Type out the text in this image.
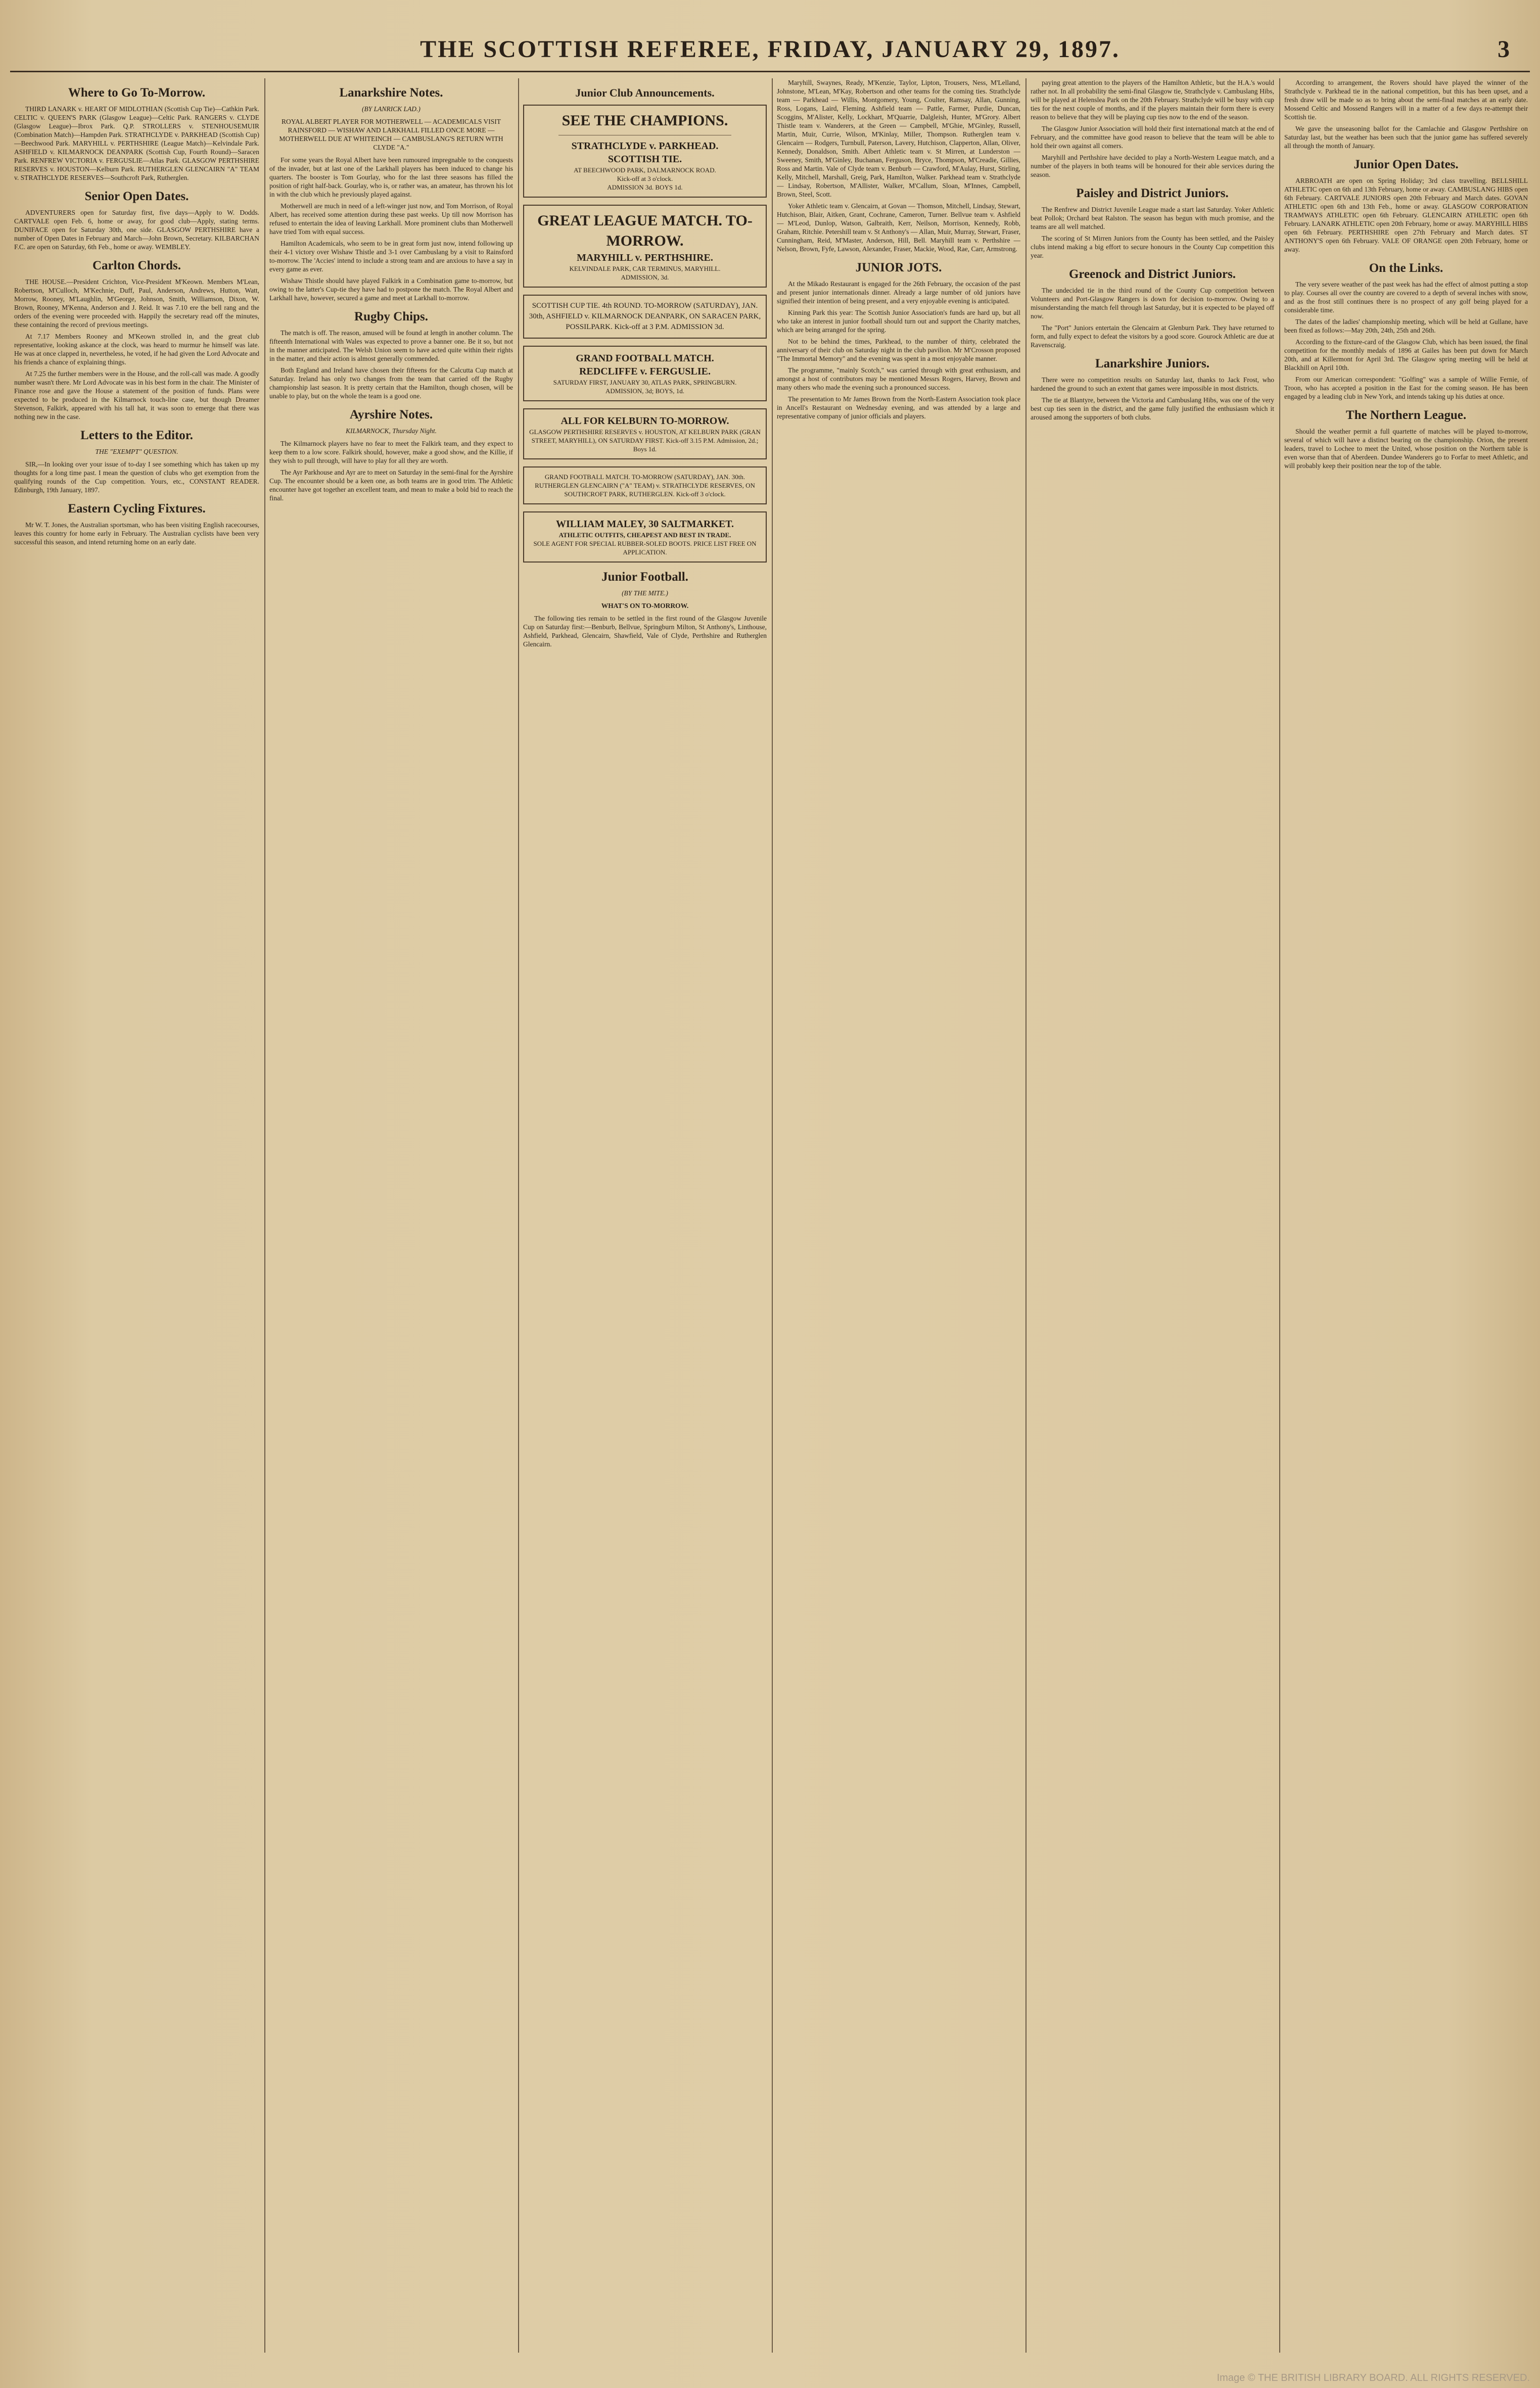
THE SCOTTISH REFEREE, FRIDAY, JANUARY 29, 1897.	3
Where to Go To-Morrow.

THIRD LANARK v. HEART OF MIDLOTHIAN (Scottish Cup Tie)—Cathkin Park. CELTIC v. QUEEN'S PARK (Glasgow League)—Celtic Park. RANGERS v. CLYDE (Glasgow League)—Ibrox Park. Q.P. STROLLERS v. STENHOUSEMUIR (Combination Match)—Hampden Park. STRATHCLYDE v. PARKHEAD (Scottish Cup)—Beechwood Park. MARYHILL v. PERTHSHIRE (League Match)—Kelvindale Park. ASHFIELD v. KILMARNOCK DEANPARK (Scottish Cup, Fourth Round)—Saracen Park. RENFREW VICTORIA v. FERGUSLIE—Atlas Park. GLASGOW PERTHSHIRE RESERVES v. HOUSTON—Kelburn Park. RUTHERGLEN GLENCAIRN "A" TEAM v. STRATHCLYDE RESERVES—Southcroft Park, Rutherglen.

Senior Open Dates.

ADVENTURERS open for Saturday first, five days—Apply to W. Dodds. CARTVALE open Feb. 6, home or away, for good club—Apply, stating terms. DUNIFACE open for Saturday 30th, one side. GLASGOW PERTHSHIRE have a number of Open Dates in February and March—John Brown, Secretary. KILBARCHAN F.C. are open on Saturday, 6th Feb., home or away. WEMBLEY.

Carlton Chords.

THE HOUSE.—President Crichton, Vice-President M'Keown. Members M'Lean, Robertson, M'Culloch, M'Kechnie, Duff, Paul, Anderson, Andrews, Hutton, Watt, Morrow, Rooney, M'Laughlin, M'George, Johnson, Smith, Williamson, Dixon, W. Brown, Rooney, M'Kenna, Anderson and J. Reid. It was 7.10 ere the bell rang and the orders of the evening were proceeded with. Happily the secretary read off the minutes, these containing the record of previous meetings.

At 7.17 Members Rooney and M'Keown strolled in, and the great club representative, looking askance at the clock, was heard to murmur he himself was late. He was at once clapped in, nevertheless, he voted, if he had given the Lord Advocate and his friends a chance of explaining things.

At 7.25 the further members were in the House, and the roll-call was made. A goodly number wasn't there. Mr Lord Advocate was in his best form in the chair. The Minister of Finance rose and gave the House a statement of the position of funds. Plans were expected to be produced in the Kilmarnock touch-line case, but though Dreamer Stevenson, Falkirk, appeared with his tall hat, it was soon to emerge that there was nothing new in the case.

Letters to the Editor.
THE "EXEMPT" QUESTION.

SIR,—In looking over your issue of to-day I see something which has taken up my thoughts for a long time past. I mean the question of clubs who get exemption from the qualifying rounds of the Cup competition. Yours, etc., CONSTANT READER. Edinburgh, 19th January, 1897.

Eastern Cycling Fixtures.

Mr W. T. Jones, the Australian sportsman, who has been visiting English racecourses, leaves this country for home early in February. The Australian cyclists have been very successful this season, and intend returning home on an early date.

Lanarkshire Notes.
(BY LANRICK LAD.)
ROYAL ALBERT PLAYER FOR MOTHERWELL — ACADEMICALS VISIT RAINSFORD — WISHAW AND LARKHALL FILLED ONCE MORE — MOTHERWELL DUE AT WHITEINCH — CAMBUSLANG'S RETURN WITH CLYDE "A."

For some years the Royal Albert have been rumoured impregnable to the conquests of the invader, but at last one of the Larkhall players has been induced to change his quarters. The booster is Tom Gourlay, who for the last three seasons has filled the position of right half-back. Gourlay, who is, or rather was, an amateur, has thrown his lot in with the club which he previously played against.

Motherwell are much in need of a left-winger just now, and Tom Morrison, of Royal Albert, has received some attention during these past weeks. Up till now Morrison has refused to entertain the idea of leaving Larkhall. More prominent clubs than Motherwell have tried Tom with equal success.

Hamilton Academicals, who seem to be in great form just now, intend following up their 4-1 victory over Wishaw Thistle and 3-1 over Cambuslang by a visit to Rainsford to-morrow. The 'Accies' intend to include a strong team and are anxious to have a say in every game as ever.

Wishaw Thistle should have played Falkirk in a Combination game to-morrow, but owing to the latter's Cup-tie they have had to postpone the match. The Royal Albert and Larkhall have, however, secured a game and meet at Larkhall to-morrow.

Rugby Chips.

The match is off. The reason, amused will be found at length in another column. The fifteenth International with Wales was expected to prove a banner one. Be it so, but not in the manner anticipated. The Welsh Union seem to have acted quite within their rights in the matter, and their action is almost generally commended.

Both England and Ireland have chosen their fifteens for the Calcutta Cup match at Saturday. Ireland has only two changes from the team that carried off the Rugby championship last season. It is pretty certain that the Hamilton, though chosen, will be unable to play, but on the whole the team is a good one.

Ayrshire Notes.
KILMARNOCK, Thursday Night.

The Kilmarnock players have no fear to meet the Falkirk team, and they expect to keep them to a low score. Falkirk should, however, make a good show, and the Killie, if they wish to pull through, will have to play for all they are worth.

The Ayr Parkhouse and Ayr are to meet on Saturday in the semi-final for the Ayrshire Cup. The encounter should be a keen one, as both teams are in good trim. The Athletic encounter have got together an excellent team, and mean to make a bold bid to reach the final.

Junior Club Announcements.
SEE THE CHAMPIONS.
STRATHCLYDE v. PARKHEAD.
SCOTTISH TIE.
AT BEECHWOOD PARK, DALMARNOCK ROAD.
Kick-off at 3 o'clock.
ADMISSION 3d. BOYS 1d.
GREAT LEAGUE MATCH. TO-MORROW.
MARYHILL v. PERTHSHIRE.
KELVINDALE PARK, CAR TERMINUS, MARYHILL.
ADMISSION, 3d.
SCOTTISH CUP TIE. 4th ROUND. TO-MORROW (SATURDAY), JAN. 30th, ASHFIELD v. KILMARNOCK DEANPARK, ON SARACEN PARK, POSSILPARK. Kick-off at 3 P.M. ADMISSION 3d.
GRAND FOOTBALL MATCH.
REDCLIFFE v. FERGUSLIE.
SATURDAY FIRST, JANUARY 30, ATLAS PARK, SPRINGBURN.
ADMISSION, 3d; BOYS, 1d.
ALL FOR KELBURN TO-MORROW.
GLASGOW PERTHSHIRE RESERVES v. HOUSTON, AT KELBURN PARK (GRAN STREET, MARYHILL), ON SATURDAY FIRST. Kick-off 3.15 P.M. Admission, 2d.; Boys 1d.
GRAND FOOTBALL MATCH. TO-MORROW (SATURDAY), JAN. 30th. RUTHERGLEN GLENCAIRN ("A" TEAM) v. STRATHCLYDE RESERVES, ON SOUTHCROFT PARK, RUTHERGLEN. Kick-off 3 o'clock.
WILLIAM MALEY, 30 SALTMARKET.
ATHLETIC OUTFITS, CHEAPEST AND BEST IN TRADE.
SOLE AGENT FOR SPECIAL RUBBER-SOLED BOOTS. PRICE LIST FREE ON APPLICATION.
Junior Football.
(BY THE MITE.)
WHAT'S ON TO-MORROW.

The following ties remain to be settled in the first round of the Glasgow Juvenile Cup on Saturday first:—Benburb, Bellvue, Springburn Milton, St Anthony's, Linthouse, Ashfield, Parkhead, Glencairn, Shawfield, Vale of Clyde, Perthshire and Rutherglen Glencairn.

Maryhill, Swaynes, Ready, M'Kenzie, Taylor, Lipton, Trousers, Ness, M'Lelland, Johnstone, M'Lean, M'Kay, Robertson and other teams for the coming ties. Strathclyde team — Parkhead — Willis, Montgomery, Young, Coulter, Ramsay, Allan, Gunning, Ross, Logans, Laird, Fleming. Ashfield team — Pattle, Farmer, Purdie, Duncan, Scoggins, M'Alister, Kelly, Lockhart, M'Quarrie, Dalgleish, Hunter, M'Grory. Albert Thistle team v. Wanderers, at the Green — Campbell, M'Ghie, M'Ginley, Russell, Martin, Muir, Currie, Wilson, M'Kinlay, Miller, Thompson. Rutherglen team v. Glencairn — Rodgers, Turnbull, Paterson, Lavery, Hutchison, Clapperton, Allan, Oliver, Kennedy, Donaldson, Smith. Albert Athletic team v. St Mirren, at Lunderston — Sweeney, Smith, M'Ginley, Buchanan, Ferguson, Bryce, Thompson, M'Creadie, Gillies, Ross and Martin. Vale of Clyde team v. Benburb — Crawford, M'Aulay, Hurst, Stirling, Kelly, Mitchell, Marshall, Greig, Park, Hamilton, Walker. Parkhead team v. Strathclyde — Lindsay, Robertson, M'Allister, Walker, M'Callum, Sloan, M'Innes, Campbell, Brown, Steel, Scott.

Yoker Athletic team v. Glencairn, at Govan — Thomson, Mitchell, Lindsay, Stewart, Hutchison, Blair, Aitken, Grant, Cochrane, Cameron, Turner. Bellvue team v. Ashfield — M'Leod, Dunlop, Watson, Galbraith, Kerr, Neilson, Morrison, Kennedy, Robb, Graham, Ritchie. Petershill team v. St Anthony's — Allan, Muir, Murray, Stewart, Fraser, Cunningham, Reid, M'Master, Anderson, Hill, Bell. Maryhill team v. Perthshire — Nelson, Brown, Fyfe, Lawson, Alexander, Fraser, Mackie, Wood, Rae, Carr, Armstrong.

JUNIOR JOTS.

At the Mikado Restaurant is engaged for the 26th February, the occasion of the past and present junior internationals dinner. Already a large number of old juniors have signified their intention of being present, and a very enjoyable evening is anticipated.

Kinning Park this year: The Scottish Junior Association's funds are hard up, but all who take an interest in junior football should turn out and support the Charity matches, which are being arranged for the spring.

Not to be behind the times, Parkhead, to the number of thirty, celebrated the anniversary of their club on Saturday night in the club pavilion. Mr M'Crosson proposed "The Immortal Memory" and the evening was spent in a most enjoyable manner.

The programme, "mainly Scotch," was carried through with great enthusiasm, and amongst a host of contributors may be mentioned Messrs Rogers, Harvey, Brown and many others who made the evening such a pronounced success.

The presentation to Mr James Brown from the North-Eastern Association took place in Ancell's Restaurant on Wednesday evening, and was attended by a large and representative company of junior officials and players.

paying great attention to the players of the Hamilton Athletic, but the H.A.'s would rather not. In all probability the semi-final Glasgow tie, Strathclyde v. Cambuslang Hibs, will be played at Helenslea Park on the 20th February. Strathclyde will be busy with cup ties for the next couple of months, and if the players maintain their form there is every reason to believe that they will be playing cup ties now to the end of the season.

The Glasgow Junior Association will hold their first international match at the end of February, and the committee have good reason to believe that the team will be able to hold their own against all comers.

Maryhill and Perthshire have decided to play a North-Western League match, and a number of the players in both teams will be honoured for their able services during the season.

Paisley and District Juniors.

The Renfrew and District Juvenile League made a start last Saturday. Yoker Athletic beat Pollok; Orchard beat Ralston. The season has begun with much promise, and the teams are all well matched.

The scoring of St Mirren Juniors from the County has been settled, and the Paisley clubs intend making a big effort to secure honours in the County Cup competition this year.

Greenock and District Juniors.

The undecided tie in the third round of the County Cup competition between Volunteers and Port-Glasgow Rangers is down for decision to-morrow. Owing to a misunderstanding the match fell through last Saturday, but it is expected to be played off now.

The "Port" Juniors entertain the Glencairn at Glenburn Park. They have returned to form, and fully expect to defeat the visitors by a good score. Gourock Athletic are due at Ravenscraig.

Lanarkshire Juniors.

There were no competition results on Saturday last, thanks to Jack Frost, who hardened the ground to such an extent that games were impossible in most districts.

The tie at Blantyre, between the Victoria and Cambuslang Hibs, was one of the very best cup ties seen in the district, and the game fully justified the enthusiasm which it aroused among the supporters of both clubs.

According to arrangement, the Rovers should have played the winner of the Strathclyde v. Parkhead tie in the national competition, but this has been upset, and a fresh draw will be made so as to bring about the semi-final matches at an early date. Mossend Celtic and Mossend Rangers will in a matter of a few days re-attempt their Scottish tie.

We gave the unseasoning ballot for the Camlachie and Glasgow Perthshire on Saturday last, but the weather has been such that the junior game has suffered severely all through the month of January.

Junior Open Dates.

ARBROATH are open on Spring Holiday; 3rd class travelling. BELLSHILL ATHLETIC open on 6th and 13th February, home or away. CAMBUSLANG HIBS open 6th February. CARTVALE JUNIORS open 20th February and March dates. GOVAN ATHLETIC open 6th and 13th Feb., home or away. GLASGOW CORPORATION TRAMWAYS ATHLETIC open 6th February. GLENCAIRN ATHLETIC open 6th February. LANARK ATHLETIC open 20th February, home or away. MARYHILL HIBS open 6th February. PERTHSHIRE open 27th February and March dates. ST ANTHONY'S open 6th February. VALE OF ORANGE open 20th February, home or away.

On the Links.

The very severe weather of the past week has had the effect of almost putting a stop to play. Courses all over the country are covered to a depth of several inches with snow, and as the frost still continues there is no prospect of any golf being played for a considerable time.

The dates of the ladies' championship meeting, which will be held at Gullane, have been fixed as follows:—May 20th, 24th, 25th and 26th.

According to the fixture-card of the Glasgow Club, which has been issued, the final competition for the monthly medals of 1896 at Gailes has been put down for March 20th, and at Killermont for April 3rd. The Glasgow spring meeting will be held at Blackhill on April 10th.

From our American correspondent: "Golfing" was a sample of Willie Fernie, of Troon, who has accepted a position in the East for the coming season. He has been engaged by a leading club in New York, and intends taking up his duties at once.

The Northern League.

Should the weather permit a full quartette of matches will be played to-morrow, several of which will have a distinct bearing on the championship. Orion, the present leaders, travel to Lochee to meet the United, whose position on the Northern table is even worse than that of Aberdeen. Dundee Wanderers go to Forfar to meet Athletic, and will probably keep their position near the top of the table.

Image © THE BRITISH LIBRARY BOARD. ALL RIGHTS RESERVED.
